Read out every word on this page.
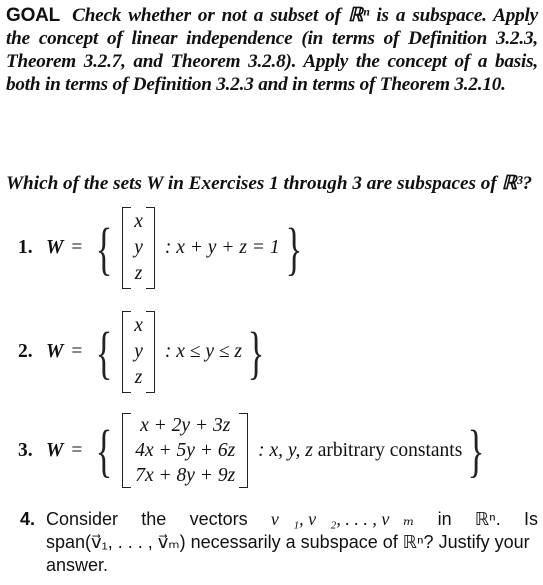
GOAL Check whether or not a subset of ℝⁿ is a subspace. Apply the concept of linear independence (in terms of Definition 3.2.3, Theorem 3.2.7, and Theorem 3.2.8). Apply the concept of a basis, both in terms of Definition 3.2.3 and in terms of Theorem 3.2.10.
Which of the sets W in Exercises 1 through 3 are subspaces of ℝ³?
1. W = { x
y
z
: x + y + z = 1 }
2. W = { x
y
z
: x ≤ y ≤ z }
3. W = { x + 2y + 3z
4x + 5y + 6z
7x + 8y + 9z
: x, y, z arbitrary constants }
4. Consider the vectors v⃗₁, v⃗₂, . . . , v⃗ₘ in ℝⁿ. Is
span(v⃗₁, . . . , v⃗ₘ) necessarily a subspace of ℝⁿ? Justify your answer.
